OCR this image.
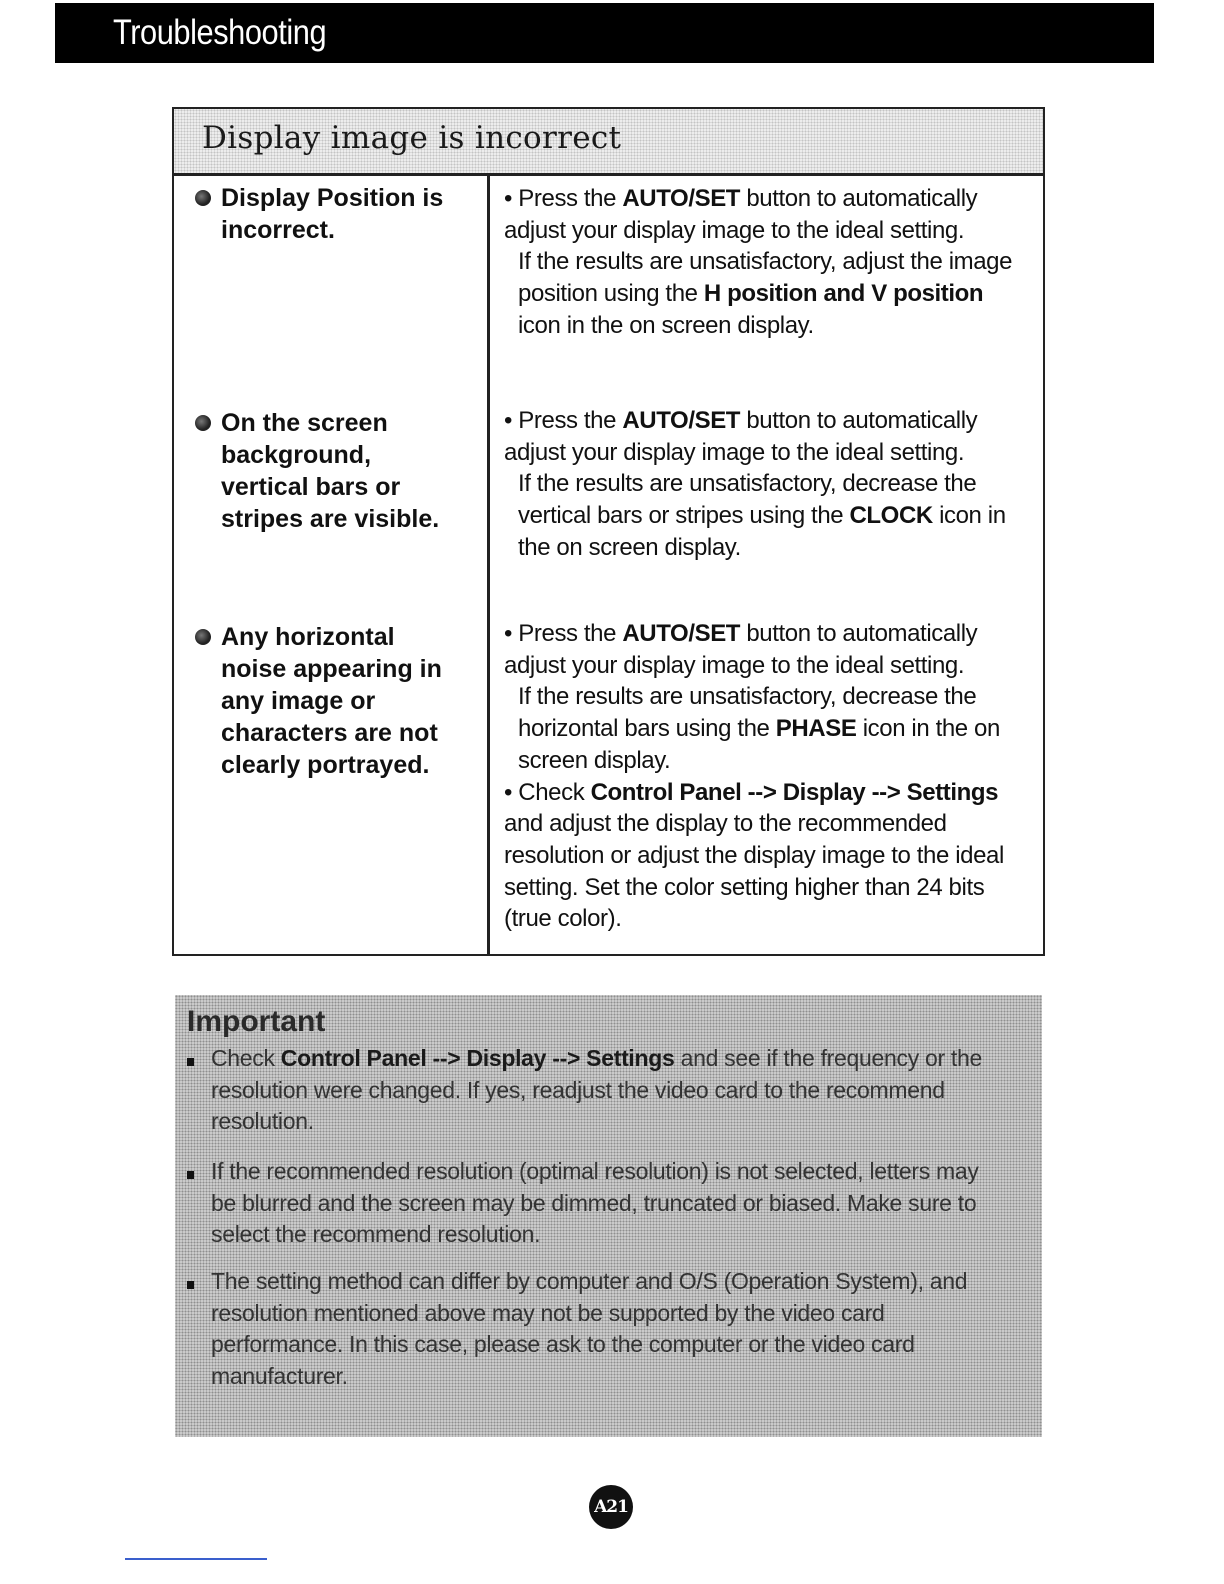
Troubleshooting
Display image is incorrect
Display Position is incorrect.

• Press the AUTO/SET button to automatically adjust your display image to the ideal setting.

If the results are unsatisfactory, adjust the image position using the H position and V position icon in the on screen display.

On the screen background, vertical bars or stripes are visible.

• Press the AUTO/SET button to automatically adjust your display image to the ideal setting.

If the results are unsatisfactory, decrease the vertical bars or stripes using the CLOCK icon in the on screen display.

Any horizontal noise appearing in any image or characters are not clearly portrayed.

• Press the AUTO/SET button to automatically adjust your display image to the ideal setting.

If the results are unsatisfactory, decrease the horizontal bars using the PHASE icon in the on screen display.

• Check Control Panel --> Display --> Settings and adjust the display to the recommended resolution or adjust the display image to the ideal setting. Set the color setting higher than 24 bits (true color).

Important
Check Control Panel --> Display --> Settings and see if the frequency or the resolution were changed. If yes, readjust the video card to the recommend resolution.
If the recommended resolution (optimal resolution) is not selected, letters may be blurred and the screen may be dimmed, truncated or biased. Make sure to select the recommend resolution.
The setting method can differ by computer and O/S (Operation System), and resolution mentioned above may not be supported by the video card performance. In this case, please ask to the computer or the video card manufacturer.
A21
